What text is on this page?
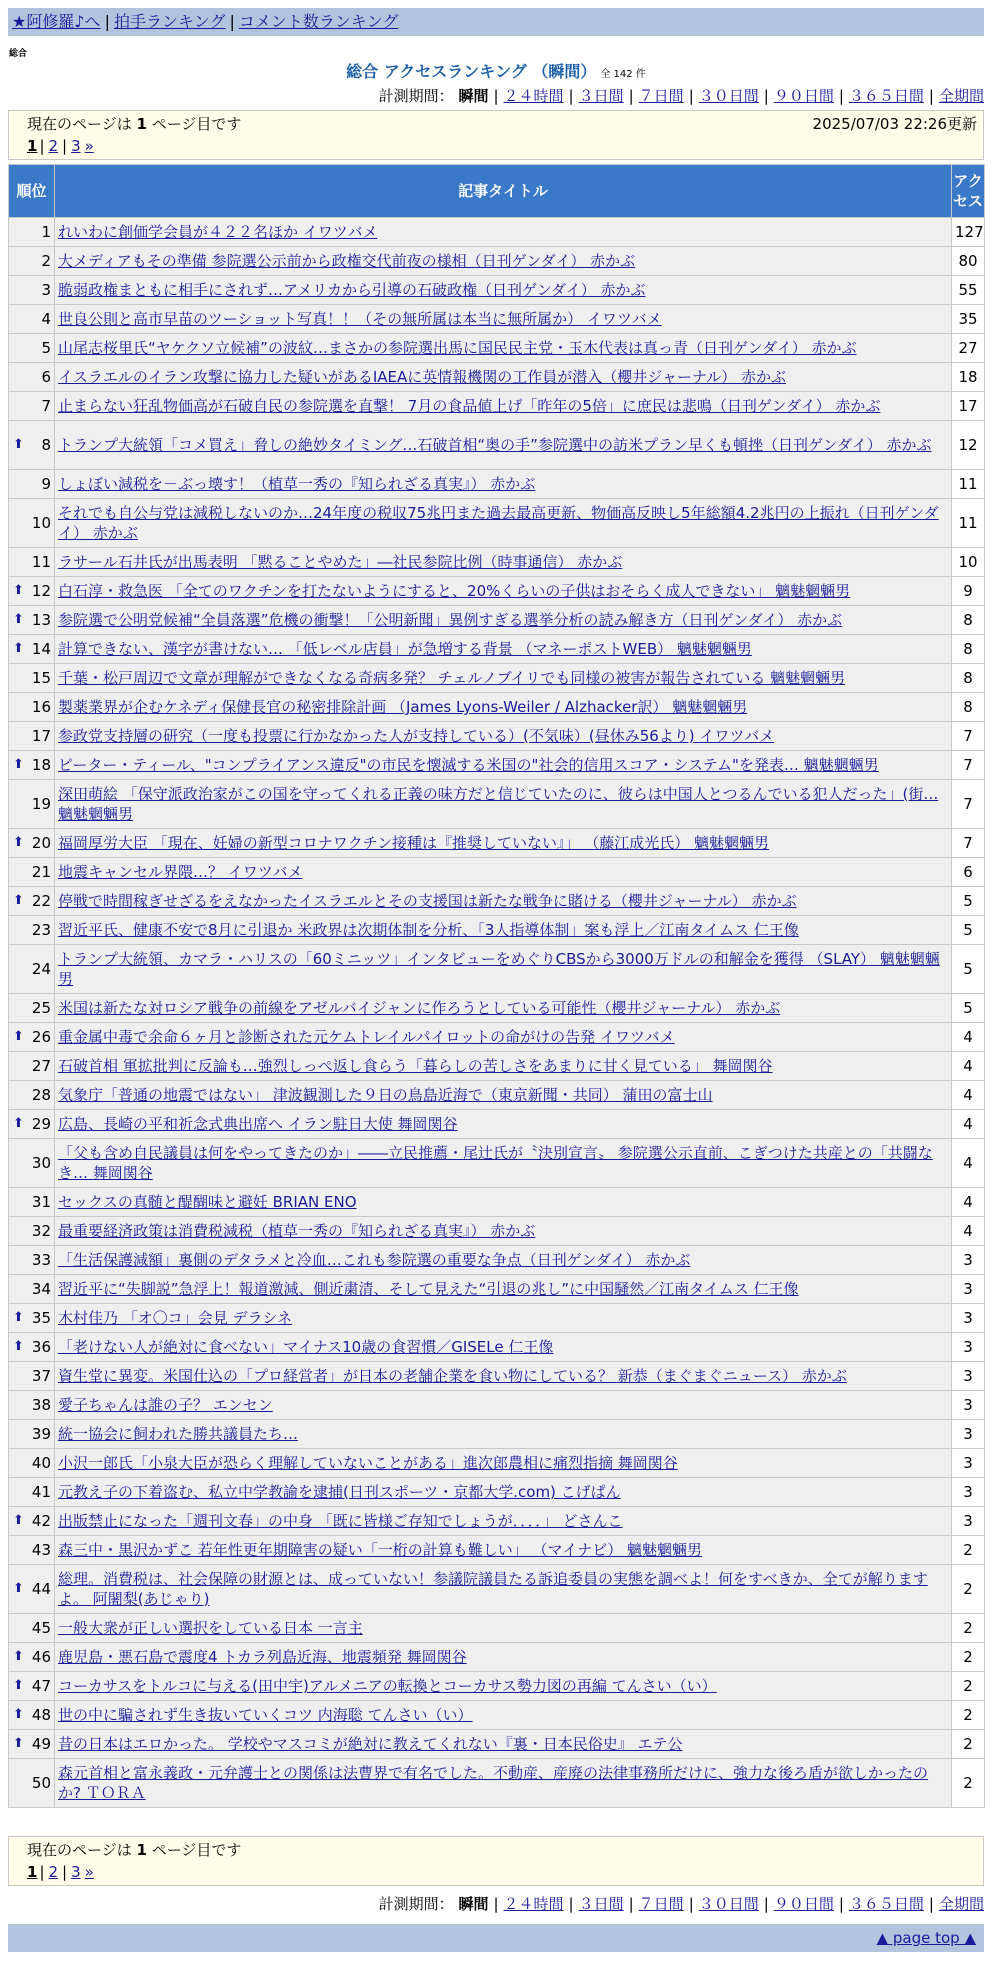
★阿修羅♪へ | 拍手ランキング | コメント数ランキング
総合
総合 アクセスランキング （瞬間） 全 142 件
計測期間： 瞬間 | ２４時間 | ３日間 | ７日間 | ３０日間 | ９０日間 | ３６５日間 | 全期間
現在のページは 1 ページ目です	2025/07/03 22:26更新
1 | 2 | 3 »
順位	記事タイトル	アクセス
1	れいわに創価学会員が４２２名ほか イワツバメ	127
2	大メディアもその準備 参院選公示前から政権交代前夜の様相（日刊ゲンダイ） 赤かぶ	80
3	脆弱政権まともに相手にされず…アメリカから引導の石破政権（日刊ゲンダイ） 赤かぶ	55
4	世良公則と高市早苗のツーショット写真！！（その無所属は本当に無所属か） イワツバメ	35
5	山尾志桜里氏“ヤケクソ立候補”の波紋…まさかの参院選出馬に国民民主党・玉木代表は真っ青（日刊ゲンダイ） 赤かぶ	27
6	イスラエルのイラン攻撃に協力した疑いがあるIAEAに英情報機関の工作員が潜入（櫻井ジャーナル） 赤かぶ	18
7	止まらない狂乱物価高が石破自民の参院選を直撃！ 7月の食品値上げ「昨年の5倍」に庶民は悲鳴（日刊ゲンダイ） 赤かぶ	17

⬆ 8	トランプ大統領「コメ買え」脅しの絶妙タイミング…石破首相“奥の手”参院選中の訪米プラン早くも頓挫（日刊ゲンダイ） 赤かぶ	12
9	しょぼい減税を－ぶっ壊す！（植草一秀の『知られざる真実』） 赤かぶ	11
10	それでも自公与党は減税しないのか…24年度の税収75兆円また過去最高更新、物価高反映し5年総額4.2兆円の上振れ（日刊ゲンダイ） 赤かぶ	11
11	ラサール石井氏が出馬表明 「黙ることやめた」―社民参院比例（時事通信） 赤かぶ	10

⬆ 12	白石淳・救急医 「全てのワクチンを打たないようにすると、20%くらいの子供はおそらく成人できない」 魑魅魍魎男	9

⬆ 13	参院選で公明党候補“全員落選”危機の衝撃！「公明新聞」異例すぎる選挙分析の読み解き方（日刊ゲンダイ） 赤かぶ	8

⬆ 14	計算できない、漢字が書けない… 「低レベル店員」が急増する背景 （マネーポストWEB） 魑魅魍魎男	8
15	千葉・松戸周辺で文章が理解ができなくなる奇病多発？ チェルノブイリでも同様の被害が報告されている 魑魅魍魎男	8
16	製薬業界が企むケネディ保健長官の秘密排除計画 （James Lyons-Weiler / Alzhacker訳） 魑魅魍魎男	8
17	参政党支持層の研究（一度も投票に行かなかった人が支持している）(不気味）(昼休み56より) イワツバメ	7

⬆ 18	ピーター・ティール、"コンプライアンス違反"の市民を懐滅する米国の"社会的信用スコア・システム"を発表… 魑魅魍魎男	7
19	深田萌絵 「保守派政治家がこの国を守ってくれる正義の味方だと信じていたのに、彼らは中国人とつるんでいる犯人だった」(街… 魑魅魍魎男	7

⬆ 20	福岡厚労大臣 「現在、妊婦の新型コロナワクチン接種は『推奨していない』」 （藤江成光氏） 魑魅魍魎男	7
21	地震キャンセル界隈…？ イワツバメ	6

⬆ 22	停戦で時間稼ぎせざるをえなかったイスラエルとその支援国は新たな戦争に賭ける（櫻井ジャーナル） 赤かぶ	5
23	習近平氏、健康不安で8月に引退か 米政界は次期体制を分析、「3人指導体制」案も浮上／江南タイムス 仁王像	5
24	トランプ大統領、カマラ・ハリスの「60ミニッツ」インタビューをめぐりCBSから3000万ドルの和解金を獲得 （SLAY） 魑魅魍魎男	5
25	米国は新たな対ロシア戦争の前線をアゼルバイジャンに作ろうとしている可能性（櫻井ジャーナル） 赤かぶ	5

⬆ 26	重金属中毒で余命６ヶ月と診断された元ケムトレイルパイロットの命がけの告発 イワツバメ	4
27	石破首相 軍拡批判に反論も…強烈しっぺ返し食らう「暮らしの苦しさをあまりに甘く見ている」 舞岡関谷	4
28	気象庁「普通の地震ではない」 津波観測した９日の鳥島近海で（東京新聞・共同） 蒲田の富士山	4

⬆ 29	広島、長崎の平和祈念式典出席へ イラン駐日大使 舞岡関谷	4
30	「父も含め自民議員は何をやってきたのか」――立民推薦・尾辻氏が〝決別宣言〟 参院選公示直前、こぎつけた共産との「共闘なき… 舞岡関谷	4
31	セックスの真髄と醍醐味と避妊 BRIAN ENO	4
32	最重要経済政策は消費税減税（植草一秀の『知られざる真実』） 赤かぶ	4
33	「生活保護減額」裏側のデタラメと冷血…これも参院選の重要な争点（日刊ゲンダイ） 赤かぶ	3
34	習近平に“失脚説”急浮上！報道激減、側近粛清、そして見えた“引退の兆し”に中国騒然／江南タイムス 仁王像	3

⬆ 35	木村佳乃 「オ〇コ」会見 デラシネ	3

⬆ 36	「老けない人が絶対に食べない」マイナス10歳の食習慣／GISELe 仁王像	3
37	資生堂に異変。米国仕込の「プロ経営者」が日本の老舗企業を食い物にしている？ 新恭（まぐまぐニュース） 赤かぶ	3
38	愛子ちゃんは誰の子？ エンセン	3
39	統一協会に飼われた勝共議員たち…	3
40	小沢一郎氏「小泉大臣が恐らく理解していないことがある」進次郎農相に痛烈指摘 舞岡関谷	3
41	元教え子の下着盗む、私立中学教諭を逮捕(日刊スポーツ・京都大学.com) こげぱん	3

⬆ 42	出版禁止になった「週刊文春」の中身 「既に皆様ご存知でしょうが．．．．」 どさんこ	3
43	森三中・黒沢かずこ 若年性更年期障害の疑い「一桁の計算も難しい」 （マイナビ） 魑魅魍魎男	2

⬆ 44	総理。消費税は、社会保障の財源とは、成っていない！参議院議員たる訴追委員の実態を調べよ！何をすべきか、全てが解りますよ。 阿闍梨(あじゃり)	2
45	一般大衆が正しい選択をしている日本 一言主	2

⬆ 46	鹿児島・悪石島で震度4 トカラ列島近海、地震頻発 舞岡関谷	2

⬆ 47	コーカサスをトルコに与える(田中宇)アルメニアの転換とコーカサス勢力図の再編 てんさい（い）	2

⬆ 48	世の中に騙されず生き抜いていくコツ 内海聡 てんさい（い）	2

⬆ 49	昔の日本はエロかった。 学校やマスコミが絶対に教えてくれない『裏・日本民俗史』 エテ公	2
50	森元首相と富永義政・元弁護士との関係は法曹界で有名でした。不動産、産廃の法律事務所だけに、強力な後ろ盾が欲しかったのか? ＴＯＲＡ	2
計測期間： 瞬間 | ２４時間 | ３日間 | ７日間 | ３０日間 | ９０日間 | ３６５日間 | 全期間
現在のページは 1 ページ目です
1 | 2 | 3 »
▲ page top ▲
